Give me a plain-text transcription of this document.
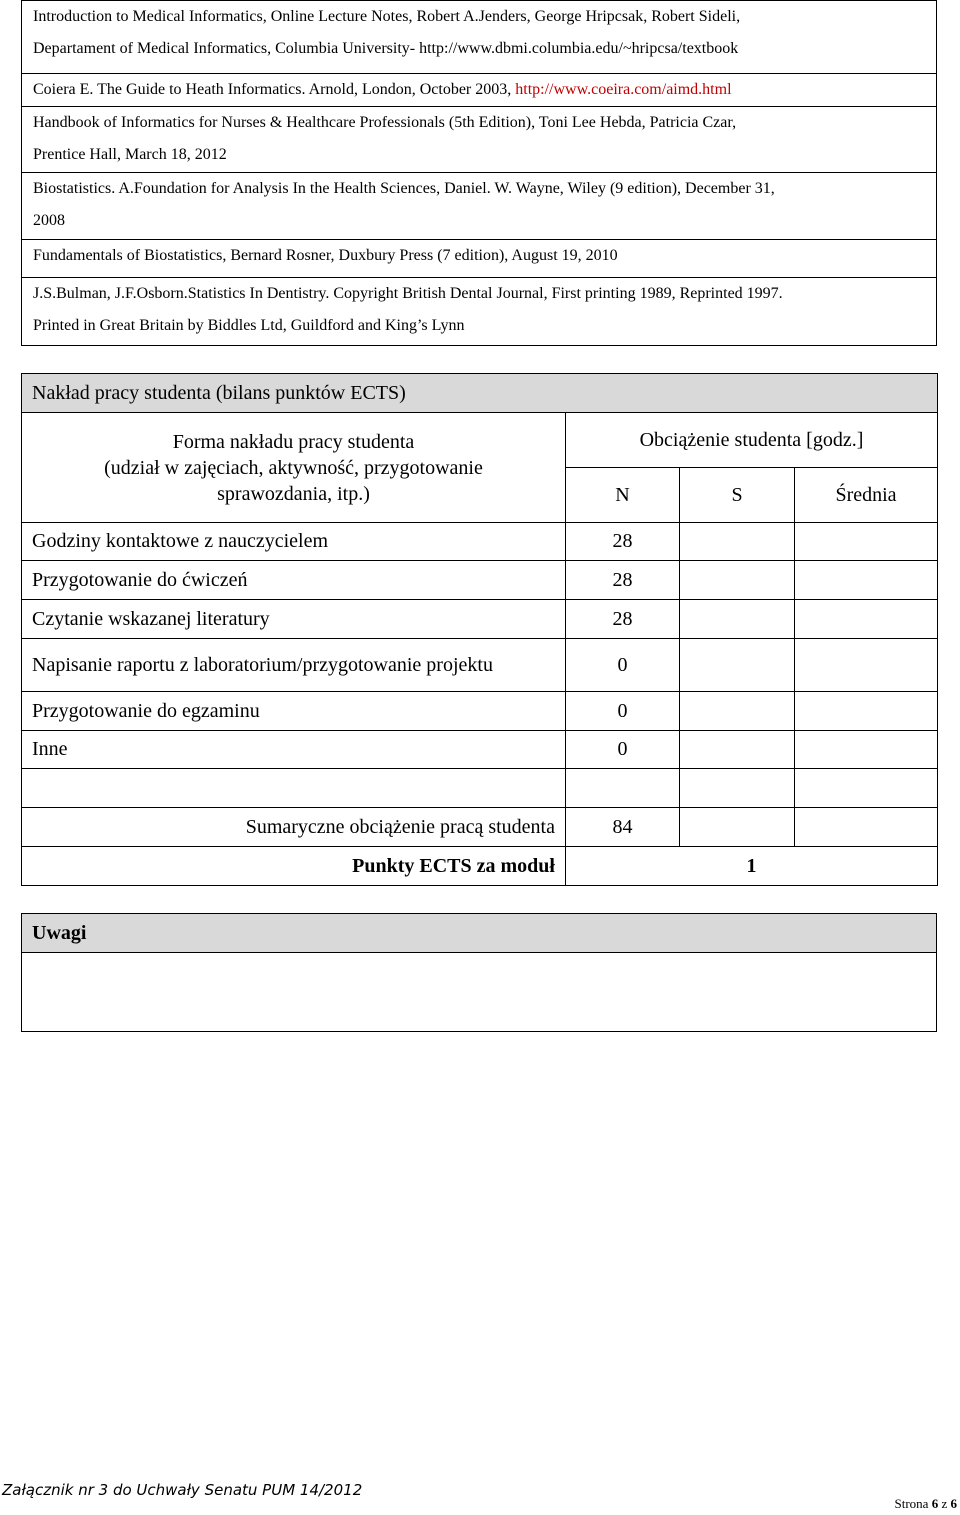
Introduction to Medical Informatics, Online Lecture Notes, Robert A.Jenders, George Hripcsak, Robert Sideli,
Departament of Medical Informatics, Columbia University- http://www.dbmi.columbia.edu/~hripcsa/textbook
Coiera E. The Guide to Heath Informatics. Arnold, London, October 2003, http://www.coeira.com/aimd.html
Handbook of Informatics for Nurses & Healthcare Professionals (5th Edition), Toni Lee Hebda, Patricia Czar,
Prentice Hall, March 18, 2012
Biostatistics. A.Foundation for Analysis In the Health Sciences, Daniel. W. Wayne, Wiley (9 edition), December 31,
2008
Fundamentals of Biostatistics, Bernard Rosner, Duxbury Press (7 edition), August 19, 2010
J.S.Bulman, J.F.Osborn.Statistics In Dentistry. Copyright British Dental Journal, First printing 1989, Reprinted 1997.
Printed in Great Britain by Biddles Ltd, Guildford and King’s Lynn
Nakład pracy studenta (bilans punktów ECTS)			
Forma nakładu pracy studenta
(udział w zajęciach, aktywność, przygotowanie
sprawozdania, itp.)	Obciążenie studenta [godz.]		
	N	S	Średnia
Godziny kontaktowe z nauczycielem	28		
Przygotowanie do ćwiczeń	28		
Czytanie wskazanej literatury	28		
Napisanie raportu z laboratorium/przygotowanie projektu	0		
Przygotowanie do egzaminu	0		
Inne	0		

Sumaryczne obciążenie pracą studenta	84		
Punkty ECTS za moduł	1		
Uwagi

Załącznik nr 3 do Uchwały Senatu PUM 14/2012
Strona 6 z 6
